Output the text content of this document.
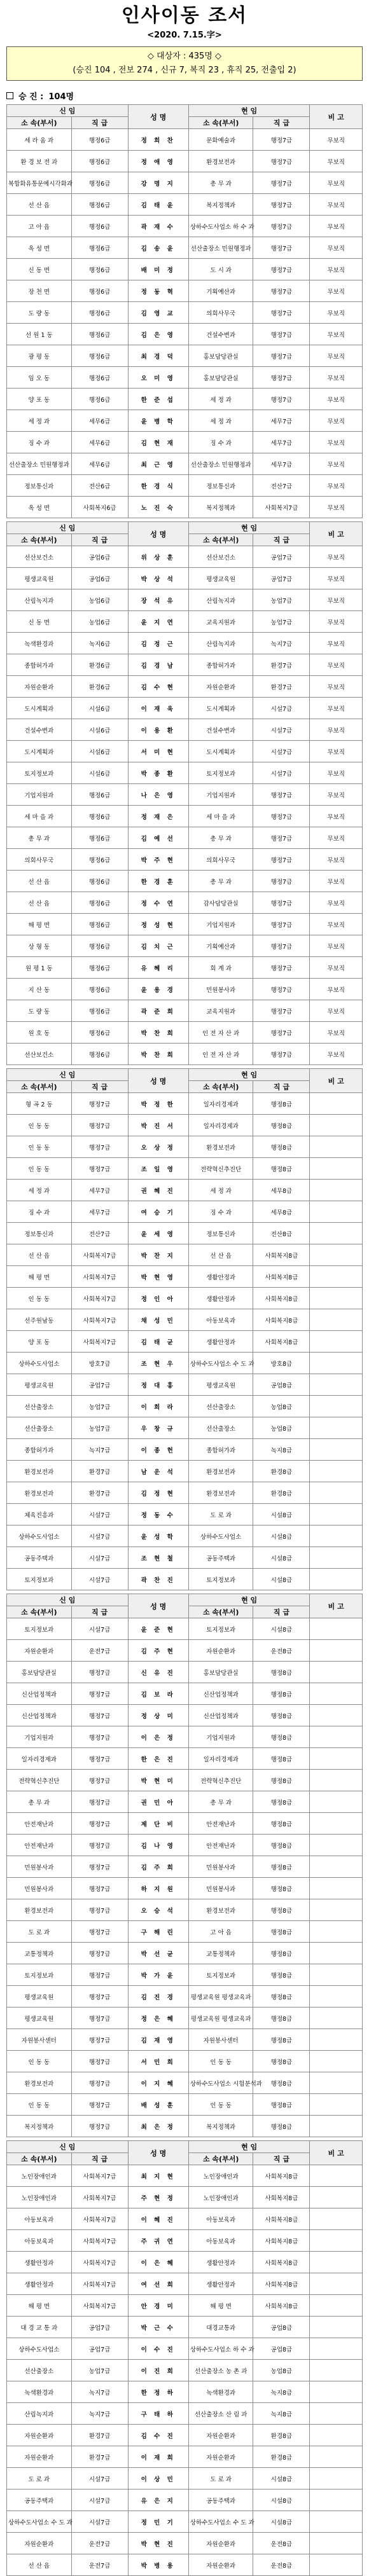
인사이동 조서
<2020. 7.15.字>
◇ 대상자 : 435명 ◇
(승진 104 , 전보 274 , 신규 7, 복직 23 , 휴직 25, 전출입 2)
승 진 : 104명
신 임		성 명	현 임		비 고
소 속(부서)	직 급		소 속(부서)	직 급	
세 라 움 과	행정6급	정 희 찬	문화예술과	행정7급	무보직
환 경 보 전 과	행정6급	정 애 영	환경보전과	행정7급	무보직
복합화유통문예시각화과	행정6급	강 명 지	총 무 과	행정7급	무보직
선 산 읍	행정6급	김 태 윤	복지정책과	행정7급	무보직
고 아 읍	행정6급	곽 재 수	상하수도사업소 하 수 과	행정7급	무보직
옥 성 면	행정6급	김 송 윤	선산출장소 민원행정과	행정7급	무보직
신 동 면	행정6급	배 미 정	도 시 과	행정7급	무보직
장 천 면	행정6급	정 동 혁	기획예산과	행정7급	무보직
도 량 동	행정6급	김 영 교	의회사무국	행정7급	무보직
선 원 1 동	행정6급	김 은 영	건설수변과	행정7급	무보직
광 평 동	행정6급	최 경 덕	홍보담당관실	행정7급	무보직
임 오 동	행정6급	오 미 영	홍보담당관실	행정7급	무보직
양 포 동	행정6급	한 준 섭	세 정 과	행정7급	무보직
세 정 과	세무6급	윤 병 학	세 정 과	세무7급	무보직
징 수 과	세무6급	김 현 재	징 수 과	세무7급	무보직
선산출장소 민원행정과	세무6급	최 근 영	선산출장소 민원행정과	세무7급	무보직
정보통신과	전산6급	한 경 식	정보통신과	전산7급	무보직
옥 성 면	사회복지6급	노 진 숙	복지정책과	사회복지7급	무보직
신 임		성 명	현 임		비 고
소 속(부서)	직 급		소 속(부서)	직 급	
선산보건소	공업6급	위 상 훈	선산보건소	공업7급	무보직
평생교육원	공업6급	박 상 석	평생교육원	공업7급	무보직
산림녹지과	농업6급	장 석 유	산림녹지과	농업7급	무보직
신 동 면	농업6급	윤 지 연	교육지원과	농업7급	무보직
녹색환경과	녹지6급	김 정 근	산림녹지과	녹지7급	무보직
종합허가과	환경6급	김 경 남	종합허가과	환경7급	무보직
자원순환과	환경6급	김 수 현	자원순환과	환경7급	무보직
도시계획과	시설6급	이 재 욱	도시계획과	시설7급	무보직
건설수변과	시설6급	이 용 환	건설수변과	시설7급	무보직
도시계획과	시설6급	서 미 현	도시계획과	시설7급	무보직
토지정보과	시설6급	박 종 환	토지정보과	시설7급	무보직
기업지원과	행정6급	나 은 영	기업지원과	행정7급	무보직
세 마 을 과	행정6급	정 재 은	세 마 을 과	행정7급	무보직
총 무 과	행정6급	김 예 선	총 무 과	행정7급	무보직
의회사무국	행정6급	박 주 현	의회사무국	행정7급	무보직
선 산 읍	행정6급	한 경 훈	총 무 과	행정7급	무보직
선 산 읍	행정6급	정 수 연	감사담당관실	행정7급	무보직
해 평 면	행정6급	정 성 현	기업지원과	행정7급	무보직
상 형 동	행정6급	김 치 근	기획예산과	행정7급	무보직
원 평 1 동	행정6급	유 혜 리	회 계 과	행정7급	무보직
지 산 동	행정6급	윤 용 경	민원봉사과	행정7급	무보직
도 량 동	행정6급	곽 준 희	교육지원과	행정7급	무보직
원 호 동	행정6급	박 찬 희	인 전 자 산 과	행정7급	무보직
선산보건소	행정6급	박 찬 희	인 전 자 산 과	행정7급	무보직
신 임		성 명	현 임		비 고
소 속(부서)	직 급		소 속(부서)	직 급	
형 곡 2 동	행정7급	박 정 한	일자리경제과	행정8급	
인 동 동	행정7급	박 진 서	일자리경제과	행정8급	
인 동 동	행정7급	오 상 정	환경보전과	행정8급	
인 동 동	행정7급	조 일 영	전략혁신추진단	행정8급	
세 정 과	세무7급	권 혜 진	세 정 과	세무8급	
징 수 과	세무7급	여 승 기	징 수 과	세무8급	
정보통신과	전산7급	윤 세 영	정보통신과	전산8급	
선 산 읍	사회복지7급	박 찬 지	선 산 읍	사회복지8급	
해 평 면	사회복지7급	박 현 영	생활안정과	사회복지8급	
인 동 동	사회복지7급	정 인 아	생활안정과	사회복지8급	
선주원남동	사회복지7급	채 성 민	아동보육과	사회복지8급	
양 포 동	사회복지7급	김 태 균	생활안정과	사회복지8급	
상하수도사업소	방호7급	조 현 우	상하수도사업소 수 도 과	방호8급	
평생교육원	공업7급	정 대 홍	평생교육원	공업8급	
선산출장소	농업7급	이 희 라	선산출장소	농업8급	
선산출장소	농업7급	우 창 규	선산출장소	농업8급	
종합허가과	녹지7급	이 종 헌	종합허가과	녹지8급	
환경보전과	환경7급	남 운 석	환경보전과	환경8급	
환경보전과	환경7급	김 정 현	환경보전과	환경8급	
체육진흥과	시설7급	정 동 수	도 로 과	시설8급	
상하수도사업소	시설7급	윤 성 학	상하수도사업소	시설8급	
공동주택과	시설7급	조 현 철	공동주택과	시설8급	
토지정보과	시설7급	곽 찬 진	토지정보과	시설8급	
신 임		성 명	현 임		비 고
소 속(부서)	직 급		소 속(부서)	직 급	
토지정보과	시설7급	윤 준 현	토지정보과	시설8급	
자원순환과	운전7급	김 주 현	자원순환과	운전8급	
홍보담당관실	행정7급	신 유 진	홍보담당관실	행정8급	
신산업정책과	행정7급	김 보 라	신산업정책과	행정8급	
신산업정책과	행정7급	정 상 미	신산업정책과	행정8급	
기업지원과	행정7급	이 은 정	기업지원과	행정8급	
일자리경제과	행정7급	한 은 진	일자리경제과	행정8급	
전략혁신추진단	행정7급	박 현 미	전략혁신추진단	행정8급	
총 무 과	행정7급	권 민 아	총 무 과	행정8급	
안전재난과	행정7급	제 단 비	안전재난과	행정8급	
안전재난과	행정7급	김 나 영	안전재난과	행정8급	
민원봉사과	행정7급	김 주 희	민원봉사과	행정8급	
민원봉사과	행정7급	하 지 원	민원봉사과	행정8급	
환경보전과	행정7급	오 승 석	환경보전과	행정8급	
도 로 과	행정7급	구 해 린	고 아 읍	행정8급	
교통정책과	행정7급	박 선 균	교통정책과	행정8급	
토지정보과	행정7급	박 가 윤	토지정보과	행정8급	
평생교육원	행정7급	김 진 경	평생교육원 평생교육과	행정8급	
평생교육원	행정7급	정 은 혜	평생교육원 평생교육과	행정8급	
자원봉사센터	행정7급	김 재 영	자원봉사센터	행정8급	
인 동 동	행정7급	서 민 희	인 동 동	행정8급	
환경보전과	행정7급	이 지 혜	상하수도사업소 시험분석과	행정8급	
인 동 동	행정7급	배 성 훈	인 동 동	행정8급	
복지정책과	행정7급	최 은 정	복지정책과	행정8급	
신 임		성 명	현 임		비 고
소 속(부서)	직 급		소 속(부서)	직 급	
노인장애인과	사회복지7급	최 지 현	노인장애인과	사회복지8급	
노인장애인과	사회복지7급	주 현 정	노인장애인과	사회복지8급	
아동보육과	사회복지7급	이 혜 진	아동보육과	사회복지8급	
아동보육과	사회복지7급	주 귀 연	아동보육과	사회복지8급	
생활안정과	사회복지7급	이 은 혜	생활안정과	사회복지8급	
생활안정과	사회복지7급	여 선 희	생활안정과	사회복지8급	
해 평 면	사회복지7급	안 경 미	해 평 면	사회복지8급	
대 경 교 통 과	공업7급	박 근 수	대경교통과	공업8급	
상하수도사업소	공업7급	이 수 진	상하수도사업소 하 수 과	공업8급	
선산출장소	농업7급	이 진 희	선산출장소 농 촌 과	농업8급	
녹색환경과	녹지7급	한 정 하	녹색환경과	녹지8급	
산림녹지과	녹지7급	구 태 하	선산출장소 산 림 과	녹지8급	
자원순환과	환경7급	김 수 진	자원순환과	환경8급	
자원순환과	환경7급	이 재 희	자원순환과	환경8급	
도 로 과	시설7급	이 상 민	도 로 과	시설8급	
공동주택과	시설7급	유 은 지	공동주택과	시설8급	
상하수도사업소 수 도 과	시설7급	정 민 기	상하수도사업소 수 도 과	시설8급	
자원순환과	운전7급	박 현 진	자원순환과	운전8급	
선 산 읍	운전7급	박 병 용	자원순환과	운전8급	
